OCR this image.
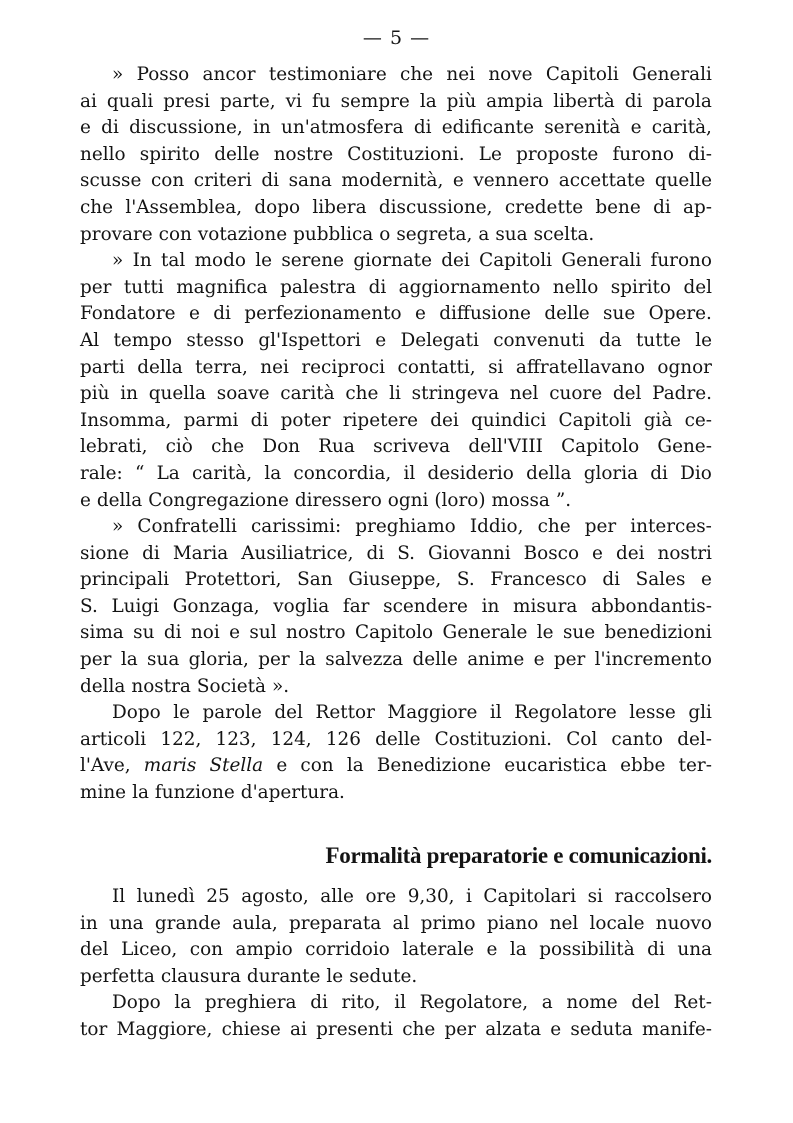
— 5 —
» Posso ancor testimoniare che nei nove Capitoli Generali
ai quali presi parte, vi fu sempre la più ampia libertà di parola
e di discussione, in un'atmosfera di edificante serenità e carità,
nello spirito delle nostre Costituzioni. Le proposte furono di-
scusse con criteri di sana modernità, e vennero accettate quelle
che l'Assemblea, dopo libera discussione, credette bene di ap-
provare con votazione pubblica o segreta, a sua scelta.
» In tal modo le serene giornate dei Capitoli Generali furono
per tutti magnifica palestra di aggiornamento nello spirito del
Fondatore e di perfezionamento e diffusione delle sue Opere.
Al tempo stesso gl'Ispettori e Delegati convenuti da tutte le
parti della terra, nei reciproci contatti, si affratellavano ognor
più in quella soave carità che li stringeva nel cuore del Padre.
Insomma, parmi di poter ripetere dei quindici Capitoli già ce-
lebrati, ciò che Don Rua scriveva dell'VIII Capitolo Gene-
rale: “ La carità, la concordia, il desiderio della gloria di Dio
e della Congregazione diressero ogni (loro) mossa ”.
» Confratelli carissimi: preghiamo Iddio, che per interces-
sione di Maria Ausiliatrice, di S. Giovanni Bosco e dei nostri
principali Protettori, San Giuseppe, S. Francesco di Sales e
S. Luigi Gonzaga, voglia far scendere in misura abbondantis-
sima su di noi e sul nostro Capitolo Generale le sue benedizioni
per la sua gloria, per la salvezza delle anime e per l'incremento
della nostra Società ».
Dopo le parole del Rettor Maggiore il Regolatore lesse gli
articoli 122, 123, 124, 126 delle Costituzioni. Col canto del-
l'Ave, maris Stella e con la Benedizione eucaristica ebbe ter-
mine la funzione d'apertura.
Formalità preparatorie e comunicazioni.
Il lunedì 25 agosto, alle ore 9,30, i Capitolari si raccolsero
in una grande aula, preparata al primo piano nel locale nuovo
del Liceo, con ampio corridoio laterale e la possibilità di una
perfetta clausura durante le sedute.
Dopo la preghiera di rito, il Regolatore, a nome del Ret-
tor Maggiore, chiese ai presenti che per alzata e seduta manife-
